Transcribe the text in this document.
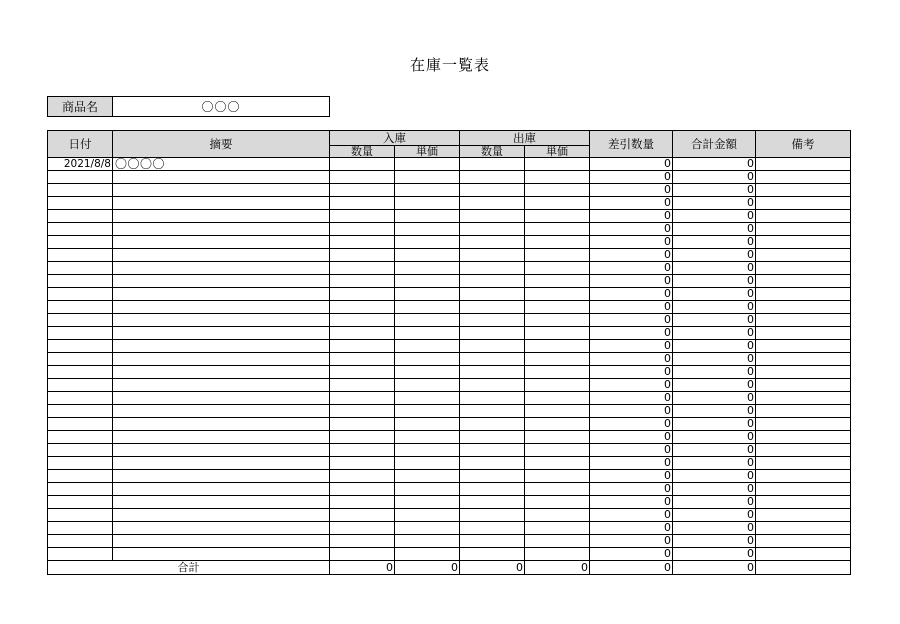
在庫一覧表
商品名	〇〇〇
日付	摘要	入庫		出庫		差引数量	合計金額	備考
		数量	単価	数量	単価			
2021/8/8	〇〇〇〇					0	0	
						0	0	
						0	0	
						0	0	
						0	0	
						0	0	
						0	0	
						0	0	
						0	0	
						0	0	
						0	0	
						0	0	
						0	0	
						0	0	
						0	0	
						0	0	
						0	0	
						0	0	
						0	0	
						0	0	
						0	0	
						0	0	
						0	0	
						0	0	
						0	0	
						0	0	
						0	0	
						0	0	
						0	0	
						0	0	
						0	0	
合計		0	0	0	0	0	0	
